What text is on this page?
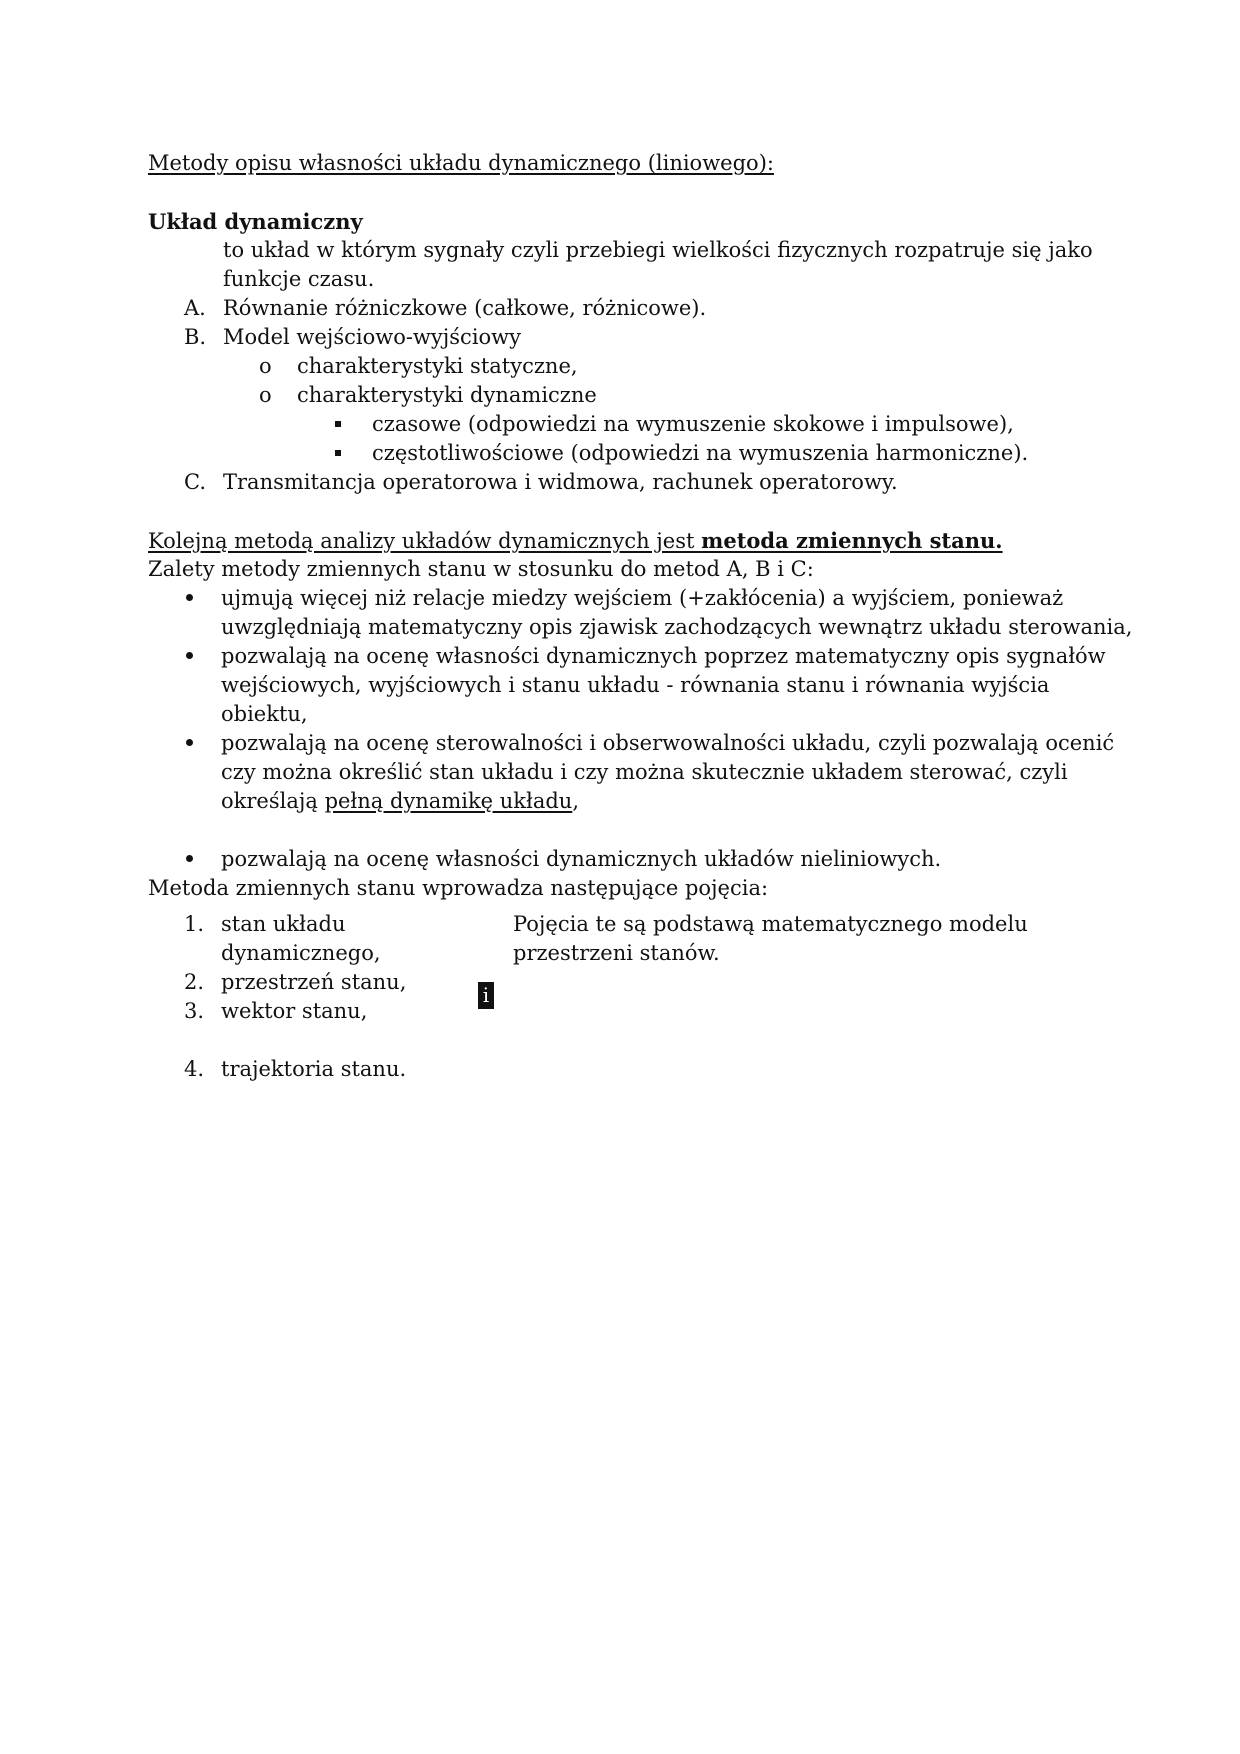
Metody opisu własności układu dynamicznego (liniowego):
Układ dynamiczny
to układ w którym sygnały czyli przebiegi wielkości fizycznych rozpatruje się jako
funkcje czasu.
A. Równanie różniczkowe (całkowe, różnicowe).
B. Model wejściowo-wyjściowy
o charakterystyki statyczne,
o charakterystyki dynamiczne
czasowe (odpowiedzi na wymuszenie skokowe i impulsowe),
częstotliwościowe (odpowiedzi na wymuszenia harmoniczne).
C. Transmitancja operatorowa i widmowa, rachunek operatorowy.
Kolejną metodą analizy układów dynamicznych jest metoda zmiennych stanu.
Zalety metody zmiennych stanu w stosunku do metod A, B i C:
ujmują więcej niż relacje miedzy wejściem (+zakłócenia) a wyjściem, ponieważ
uwzględniają matematyczny opis zjawisk zachodzących wewnątrz układu sterowania,
pozwalają na ocenę własności dynamicznych poprzez matematyczny opis sygnałów
wejściowych, wyjściowych i stanu układu - równania stanu i równania wyjścia
obiektu,
pozwalają na ocenę sterowalności i obserwowalności układu, czyli pozwalają ocenić
czy można określić stan układu i czy można skutecznie układem sterować, czyli
określają pełną dynamikę układu,
pozwalają na ocenę własności dynamicznych układów nieliniowych.
Metoda zmiennych stanu wprowadza następujące pojęcia:
1. stan układu
dynamicznego,
2. przestrzeń stanu,
3. wektor stanu,
4. trajektoria stanu.
Pojęcia te są podstawą matematycznego modelu
przestrzeni stanów.
i
